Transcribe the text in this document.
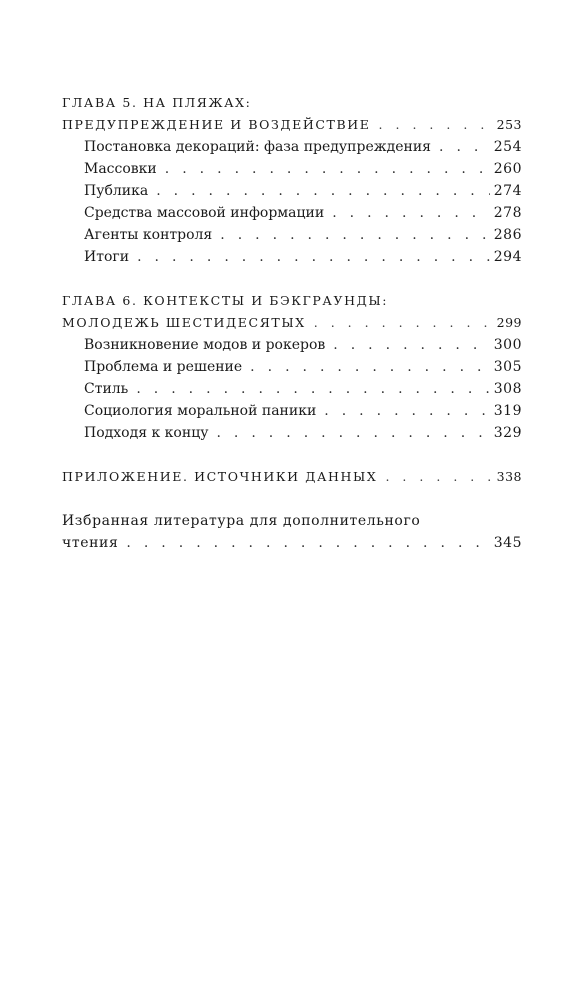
ГЛАВА 5. НА ПЛЯЖАХ:
ПРЕДУПРЕЖДЕНИЕ И ВОЗДЕЙСТВИЕ .....	253
Постановка декораций: фаза предупреждения .....	254
Массовки .....	260
Публика .....	274
Средства массовой информации .....	278
Агенты контроля .....	286
Итоги .....	294
ГЛАВА 6. КОНТЕКСТЫ И БЭКГРАУНДЫ:
МОЛОДЕЖЬ ШЕСТИДЕСЯТЫХ .....	299
Возникновение модов и рокеров .....	300
Проблема и решение .....	305
Стиль .....	308
Социология моральной паники .....	319
Подходя к концу .....	329
ПРИЛОЖЕНИЕ. ИСТОЧНИКИ ДАННЫХ .....	338
Избранная литература для дополнительного
чтения .....	345
